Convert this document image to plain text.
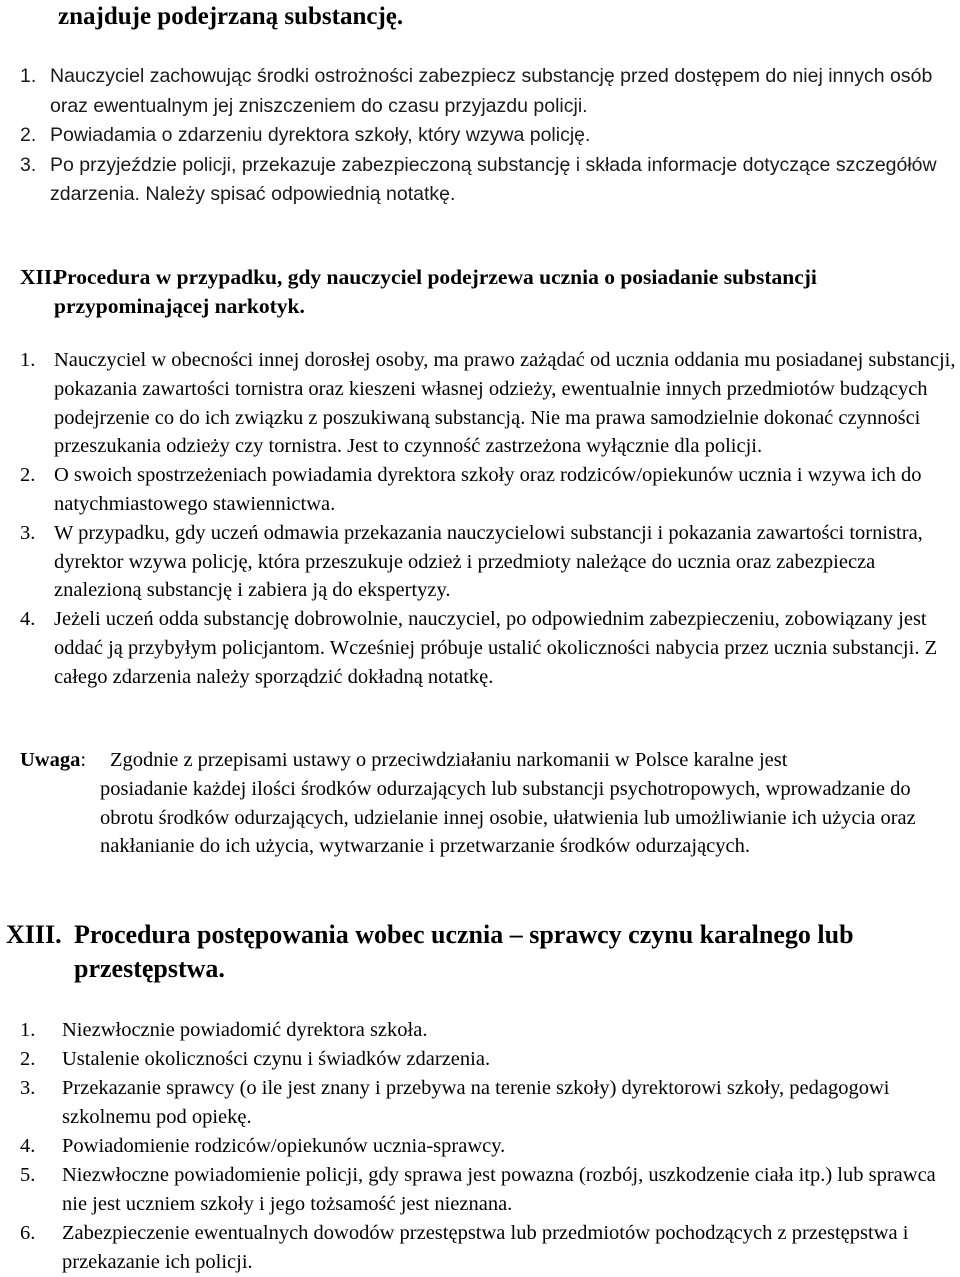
znajduje podejrzaną substancję.
1. Nauczyciel zachowując środki ostrożności zabezpiecz substancję przed dostępem do niej innych osób oraz ewentualnym jej zniszczeniem do czasu przyjazdu policji.
2. Powiadamia o zdarzeniu dyrektora szkoły, który wzywa policję.
3. Po przyjeździe policji, przekazuje zabezpieczoną substancję i składa informacje dotyczące szczegółów zdarzenia. Należy spisać odpowiednią notatkę.
XII.
Procedura w przypadku, gdy nauczyciel podejrzewa ucznia o posiadanie substancji przypominającej narkotyk.
1. Nauczyciel w obecności innej dorosłej osoby, ma prawo zażądać od ucznia oddania mu posiadanej substancji, pokazania zawartości tornistra oraz kieszeni własnej odzieży, ewentualnie innych przedmiotów budzących podejrzenie co do ich związku z poszukiwaną substancją. Nie ma prawa samodzielnie dokonać czynności przeszukania odzieży czy tornistra. Jest to czynność zastrzeżona wyłącznie dla policji.
2. O swoich spostrzeżeniach powiadamia dyrektora szkoły oraz rodziców/opiekunów ucznia i wzywa ich do natychmiastowego stawiennictwa.
3. W przypadku, gdy uczeń odmawia przekazania nauczycielowi substancji i pokazania zawartości tornistra, dyrektor wzywa policję, która przeszukuje odzież i przedmioty należące do ucznia oraz zabezpiecza znalezioną substancję i zabiera ją do ekspertyzy.
4. Jeżeli uczeń odda substancję dobrowolnie, nauczyciel, po odpowiednim zabezpieczeniu, zobowiązany jest oddać ją przybyłym policjantom. Wcześniej próbuje ustalić okoliczności nabycia przez ucznia substancji. Z całego zdarzenia należy sporządzić dokładną notatkę.

Uwaga: Zgodnie z przepisami ustawy o przeciwdziałaniu narkomanii w Polsce karalne jest

posiadanie każdej ilości środków odurzających lub substancji psychotropowych, wprowadzanie do obrotu środków odurzających, udzielanie innej osobie, ułatwienia lub umożliwianie ich użycia oraz nakłanianie do ich użycia, wytwarzanie i przetwarzanie środków odurzających.

XIII. Procedura postępowania wobec ucznia – sprawcy czynu karalnego lub przestępstwa.
1. Niezwłocznie powiadomić dyrektora szkoła.
2. Ustalenie okoliczności czynu i świadków zdarzenia.
3. Przekazanie sprawcy (o ile jest znany i przebywa na terenie szkoły) dyrektorowi szkoły, pedagogowi szkolnemu pod opiekę.
4. Powiadomienie rodziców/opiekunów ucznia-sprawcy.
5. Niezwłoczne powiadomienie policji, gdy sprawa jest powazna (rozbój, uszkodzenie ciała itp.) lub sprawca nie jest uczniem szkoły i jego tożsamość jest nieznana.
6. Zabezpieczenie ewentualnych dowodów przestępstwa lub przedmiotów pochodzących z przestępstwa i przekazanie ich policji.
